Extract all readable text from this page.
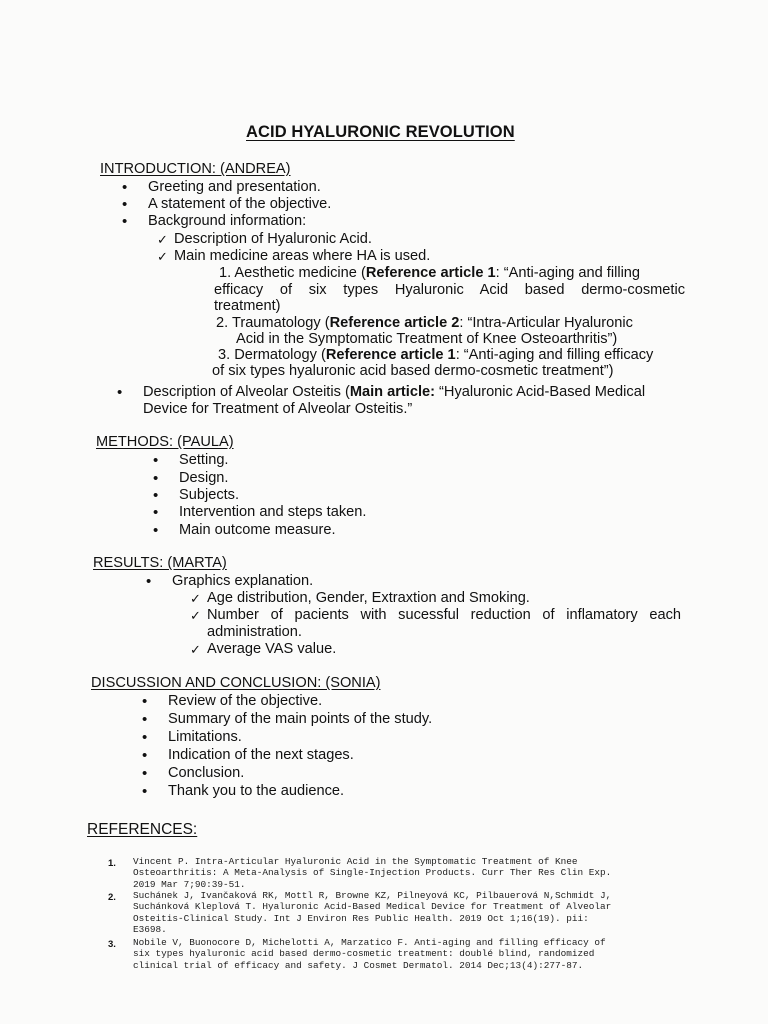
ACID HYALURONIC REVOLUTION
INTRODUCTION: (ANDREA)
• Greeting and presentation.
• A statement of the objective.
• Background information:
✓ Description of Hyaluronic Acid.
✓ Main medicine areas where HA is used.
1. Aesthetic medicine (Reference article 1: “Anti-aging and filling
efficacy of six types Hyaluronic Acid based dermo-cosmetic
treatment)
2. Traumatology (Reference article 2: “Intra-Articular Hyaluronic
Acid in the Symptomatic Treatment of Knee Osteoarthritis”)
3. Dermatology (Reference article 1: “Anti-aging and filling efficacy
of six types hyaluronic acid based dermo-cosmetic treatment”)
• Description of Alveolar Osteitis (Main article: “Hyaluronic Acid-Based Medical
Device for Treatment of Alveolar Osteitis.”
METHODS: (PAULA)
• Setting.
• Design.
• Subjects.
• Intervention and steps taken.
• Main outcome measure.
RESULTS: (MARTA)
• Graphics explanation.
✓ Age distribution, Gender, Extraxtion and Smoking.
✓ Number of pacients with sucessful reduction of inflamatory each
administration.
✓ Average VAS value.
DISCUSSION AND CONCLUSION: (SONIA)
• Review of the objective.
• Summary of the main points of the study.
• Limitations.
• Indication of the next stages.
• Conclusion.
• Thank you to the audience.
REFERENCES:
1. Vincent P. Intra-Articular Hyaluronic Acid in the Symptomatic Treatment of Knee
Osteoarthritis: A Meta-Analysis of Single-Injection Products. Curr Ther Res Clin Exp.
2019 Mar 7;90:39-51.
2. Suchánek J, Ivančaková RK, Mottl R, Browne KZ, Pilneyová KC, Pilbauerová N,Schmidt J,
Suchánková Kleplová T. Hyaluronic Acid-Based Medical Device for Treatment of Alveolar
Osteitis-Clinical Study. Int J Environ Res Public Health. 2019 Oct 1;16(19). pii:
E3698.
3. Nobile V, Buonocore D, Michelotti A, Marzatico F. Anti-aging and filling efficacy of
six types hyaluronic acid based dermo-cosmetic treatment: doublé blind, randomized
clinical trial of efficacy and safety. J Cosmet Dermatol. 2014 Dec;13(4):277-87.
